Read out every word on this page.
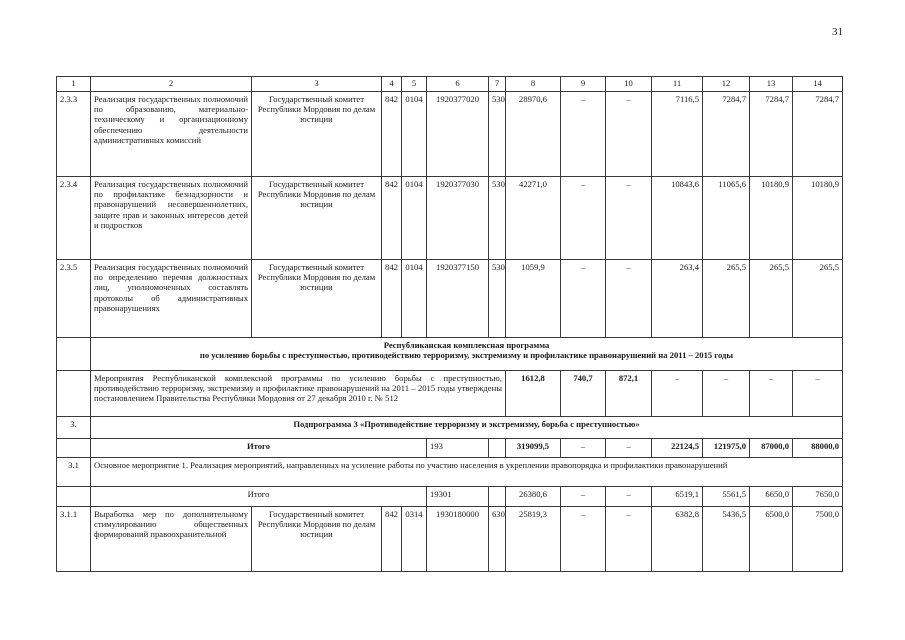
31
1	2	3	4	5	6	7	8	9	10	11	12	13	14
2.3.3	Реализация государственных полномочий по образованию, материально-техническому и организационному обеспечению деятельности административных комиссий	Государственный комитет Республики Мордовия по делам юстиции	842	0104	1920377020	530	28970,6	–	–	7116,5	7284,7	7284,7	7284,7
2.3.4	Реализация государственных полномочий по профилактике безнадзорности и правонарушений несовершеннолетних, защите прав и законных интересов детей и подростков	Государственный комитет Республики Мордовия по делам юстиции	842	0104	1920377030	530	42271,0	–	–	10843,6	11065,6	10180,9	10180,9
2.3.5	Реализация государственных полномочий по определению перечня должностных лиц, уполномоченных составлять протоколы об административных правонарушениях	Государственный комитет Республики Мордовия по делам юстиции	842	0104	1920377150	530	1059,9	–	–	263,4	265,5	265,5	265,5

	Республиканская комплексная программа
по усилению борьбы с преступностью, противодействию терроризму, экстремизму и профилактике правонарушений на 2011 – 2015 годы												

	Мероприятия Республиканской комплексной программы по усилению борьбы с преступностью, противодействию терроризму, экстремизму и профилактике правонарушений на 2011 – 2015 годы утверждены постановлением Правительства Республики Мордовия от 27 декабря 2010 г. № 512						1612,8	740,7	872,1	–	–	–	–
3.	Подпрограмма 3 «Противодействие терроризму и экстремизму, борьба с преступностью»												
	Итого				193		319099,5	–	–	22124,5	121975,0	87000,0	88000,0
3.1	Основное мероприятие 1. Реализация мероприятий, направленных на усиление работы по участию населения в укреплении правопорядка и профилактики правонарушений												
	Итого				19301		26380,6	–	–	6519,1	5561,5	6650,0	7650,0
3.1.1	Выработка мер по дополнительному стимулированию общественных формирований правоохранительной	Государственный комитет Республики Мордовия по делам юстиции	842	0314	1930180000	630	25819,3	–	–	6382,8	5436,5	6500,0	7500,0
